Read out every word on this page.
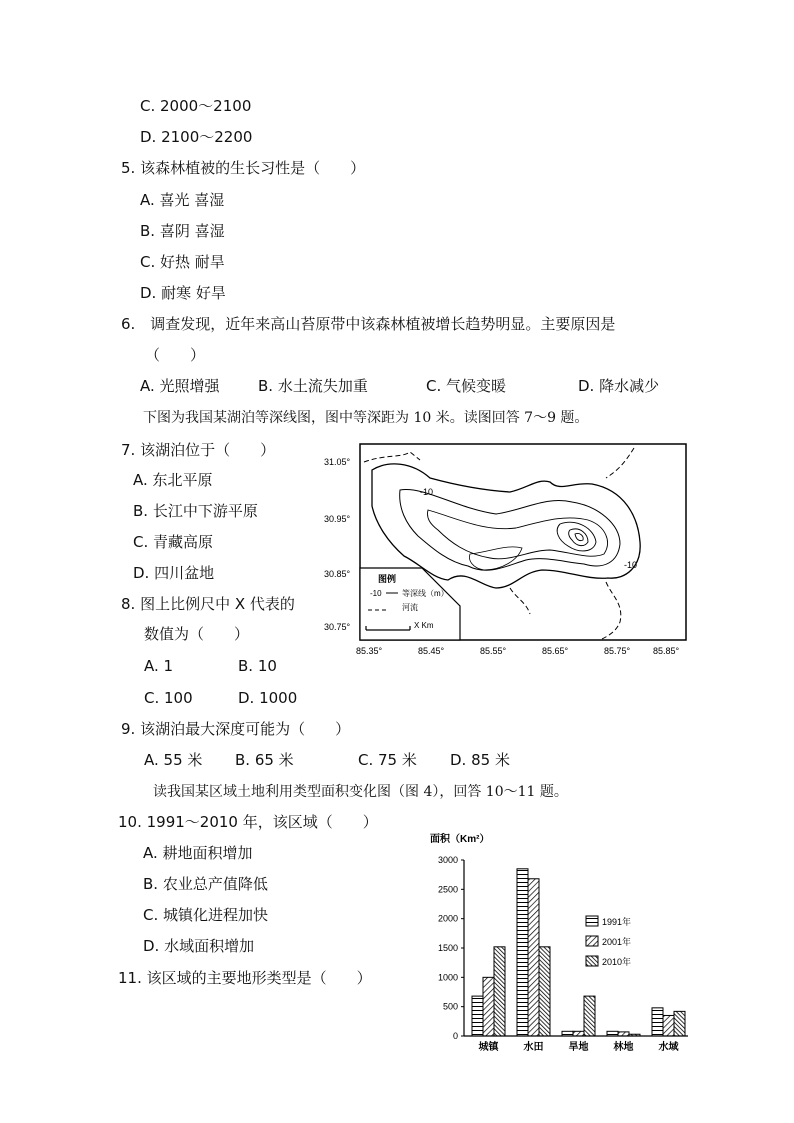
C. 2000～2100
D. 2100～2200
5. 该森林植被的生长习性是（　　）
A. 喜光 喜湿
B. 喜阴 喜湿
C. 好热 耐旱
D. 耐寒 好旱
6.　调查发现，近年来高山苔原带中该森林植被增长趋势明显。主要原因是
（　　）
A. 光照增强	B. 水土流失加重	C. 气候变暖	D. 降水减少
下图为我国某湖泊等深线图，图中等深距为 10 米。读图回答 7～9 题。
7. 该湖泊位于（　　）
A. 东北平原
B. 长江中下游平原
C. 青藏高原
D. 四川盆地
8. 图上比例尺中 X 代表的
数值为（　　）
A. 1	B. 10
C. 100	D. 1000
9. 该湖泊最大深度可能为（　　）
A. 55 米 B. 65 米	C. 75 米 D. 85 米
读我国某区域土地利用类型面积变化图（图 4），回答 10～11 题。
10. 1991～2010 年，该区域（　　）
A. 耕地面积增加
B. 农业总产值降低
C. 城镇化进程加快
D. 水域面积增加
11. 该区域的主要地形类型是（　　）
31.05°
30.95°
30.85°
30.75°
85.35°	85.45°	85.55°	85.65°	85.75°	85.85°
-10
-10
图例
-10	等深线（m）
河流
X Km
面积（Km²）
0
500
1000
1500
2000
2500
3000
城镇	水田	旱地	林地	水域
1991年
2001年
2010年
